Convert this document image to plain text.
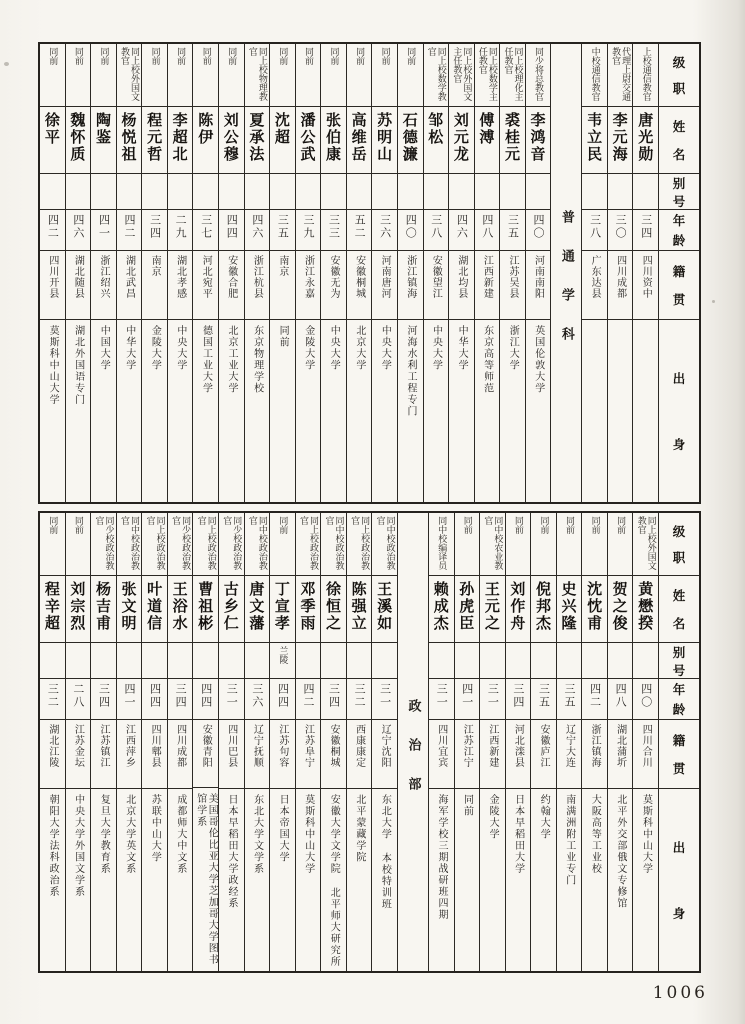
级
职
姓
名
别
号
年
龄
籍
贯
出
身
上校通信教官
唐光勋
三四
四川资中
代理上尉交通教官
李元海
三〇
四川成都
中校通信教官
韦立民
三八
广东达县
普通学科
同少将总教官
李鸿音
四〇
河南南阳
英国伦敦大学
同上校理化主任教官
裘桂元
三五
江苏吴县
浙江大学
同上校数学主任教官
傅溥
四八
江西新建
东京高等师范
同上校外国文主任教官
刘元龙
四六
湖北均县
中华大学
同上校数学教官
邹松
三八
安徽望江
中央大学
同前
石德濂
四〇
浙江镇海
河海水利工程专门
同前
苏明山
三六
河南唐河
中央大学
同前
高维岳
五二
安徽桐城
北京大学
同前
张伯康
三三
安徽无为
中央大学
同前
潘公武
三九
浙江永嘉
金陵大学
同前
沈超
三五
南京
同前
同上校物理教官
夏承法
四六
浙江杭县
东京物理学校
同前
刘公穆
四四
安徽合肥
北京工业大学
同前
陈伊
三七
河北宛平
德国工业大学
同前
李超北
二九
湖北孝感
中央大学
同前
程元哲
三四
南京
金陵大学
同上校外国文教官
杨悦祖
四二
湖北武昌
中华大学
同前
陶鉴
四一
浙江绍兴
中国大学
同前
魏怀质
四六
湖北随县
湖北外国语专门
同前
徐平
四二
四川开县
莫斯科中山大学
级
职
姓
名
别
号
年
龄
籍
贯
出
身
同上校外国文教官
黄懋揆
四〇
四川合川
莫斯科中山大学
同前
贺之俊
四八
湖北蒲圻
北平外交部俄文专修馆
同前
沈忱甫
四二
浙江镇海
大阪高等工业校
同前
史兴隆
三五
辽宁大连
南满洲附工业专门
同前
倪邦杰
三五
安徽庐江
约翰大学
同前
刘作舟
三四
河北滦县
日本早稻田大学
同中校农业教官
王元之
三一
江西新建
金陵大学
同前
孙虎臣
四一
江苏江宁
同前
同中校编译员
赖成杰
三一
四川宜宾
海军学校三期战研班四期
政治部
同中校政治教官
王溪如
三一
辽宁沈阳
东北大学 本校特训班
同上校政治教官
陈强立
三二
西康康定
北平蒙藏学院
同中校政治教官
徐恒之
三四
安徽桐城
安徽大学文学院 北平师大研究所
同上校政治教官
邓季雨
四二
江苏阜宁
莫斯科中山大学
同前
丁宣孝
兰陵
四四
江苏句容
日本帝国大学
同中校政治教官
唐文藩
三六
辽宁抚顺
东北大学文学系
同少校政治教官
古乡仁
三一
四川巴县
日本早稻田大学政经系
同上校政治教官
曹祖彬
四四
安徽青阳
美国哥伦比亚大学芝加哥大学图书馆学系
同少校政治教官
王浴水
三四
四川成都
成都师大中文系
同上校政治教官
叶道信
四四
四川郫县
苏联中山大学
同中校政治教官
张文明
四一
江西萍乡
北京大学英文系
同少校政治教官
杨吉甫
三四
江苏镇江
复旦大学教育系
同前
刘宗烈
二八
江苏金坛
中央大学外国文学系
同前
程辛超
三二
湖北江陵
朝阳大学法科政治系
1006
